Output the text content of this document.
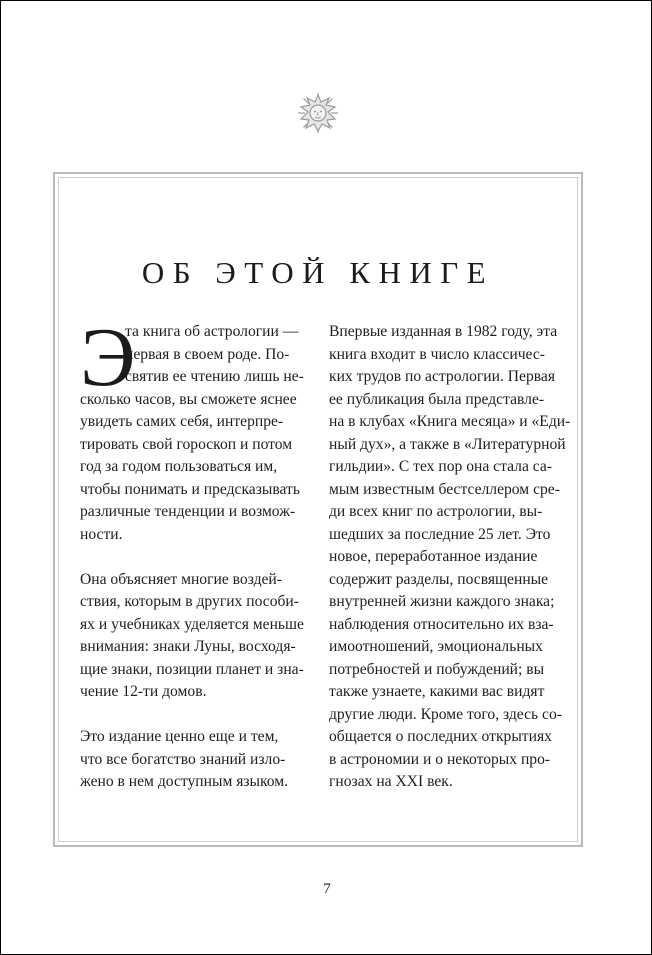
ОБ ЭТОЙ КНИГЕ
Э
та книга об астрологии —
первая в своем роде. По-
святив ее чтению лишь не-
сколько часов, вы сможете яснее
увидеть самих себя, интерпре-
тировать свой гороскоп и потом
год за годом пользоваться им,
чтобы понимать и предсказывать
различные тенденции и возмож-
ности.
Она объясняет многие воздей-
ствия, которым в других пособи-
ях и учебниках уделяется меньше
внимания: знаки Луны, восходя-
щие знаки, позиции планет и зна-
чение 12-ти домов.
Это издание ценно еще и тем,
что все богатство знаний изло-
жено в нем доступным языком.
Впервые изданная в 1982 году, эта
книга входит в число классичес-
ких трудов по астрологии. Первая
ее публикация была представле-
на в клубах «Книга месяца» и «Еди-
ный дух», а также в «Литературной
гильдии». С тех пор она стала са-
мым известным бестселлером сре-
ди всех книг по астрологии, вы-
шедших за последние 25 лет. Это
новое, переработанное издание
содержит разделы, посвященные
внутренней жизни каждого знака;
наблюдения относительно их вза-
имоотношений, эмоциональных
потребностей и побуждений; вы
также узнаете, какими вас видят
другие люди. Кроме того, здесь со-
общается о последних открытиях
в астрономии и о некоторых про-
гнозах на XXI век.
7
